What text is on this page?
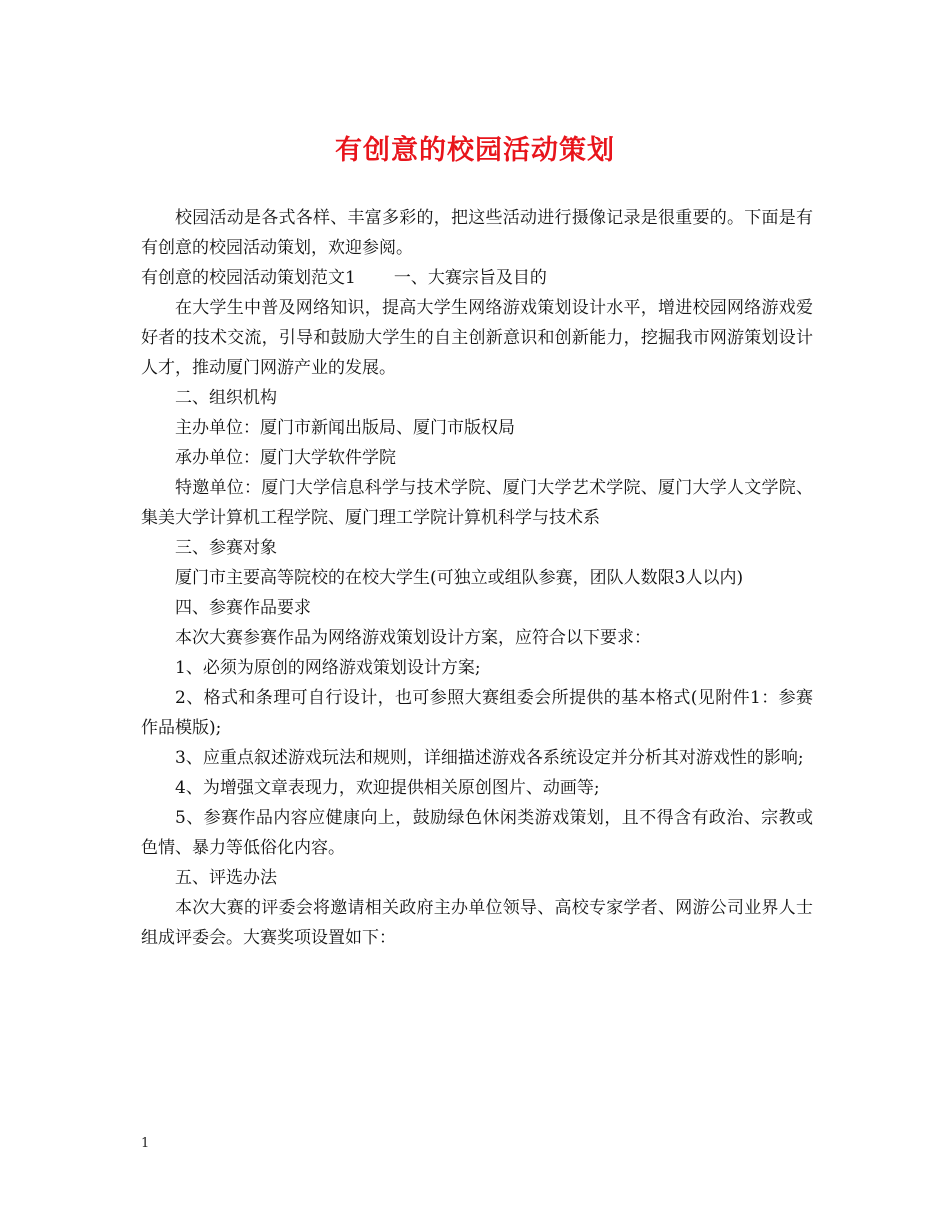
有创意的校园活动策划

校园活动是各式各样、丰富多彩的，把这些活动进行摄像记录是很重要的。下面是有有创意的校园活动策划，欢迎参阅。

有创意的校园活动策划范文1 一、大赛宗旨及目的

在大学生中普及网络知识，提高大学生网络游戏策划设计水平，增进校园网络游戏爱好者的技术交流，引导和鼓励大学生的自主创新意识和创新能力，挖掘我市网游策划设计人才，推动厦门网游产业的发展。

二、组织机构

主办单位：厦门市新闻出版局、厦门市版权局

承办单位：厦门大学软件学院

特邀单位：厦门大学信息科学与技术学院、厦门大学艺术学院、厦门大学人文学院、集美大学计算机工程学院、厦门理工学院计算机科学与技术系

三、参赛对象

厦门市主要高等院校的在校大学生(可独立或组队参赛，团队人数限3人以内)

四、参赛作品要求

本次大赛参赛作品为网络游戏策划设计方案，应符合以下要求：

1、必须为原创的网络游戏策划设计方案;

2、格式和条理可自行设计，也可参照大赛组委会所提供的基本格式(见附件1：参赛作品模版);

3、应重点叙述游戏玩法和规则，详细描述游戏各系统设定并分析其对游戏性的影响;

4、为增强文章表现力，欢迎提供相关原创图片、动画等;

5、参赛作品内容应健康向上，鼓励绿色休闲类游戏策划，且不得含有政治、宗教或色情、暴力等低俗化内容。

五、评选办法

本次大赛的评委会将邀请相关政府主办单位领导、高校专家学者、网游公司业界人士组成评委会。大赛奖项设置如下：

1
